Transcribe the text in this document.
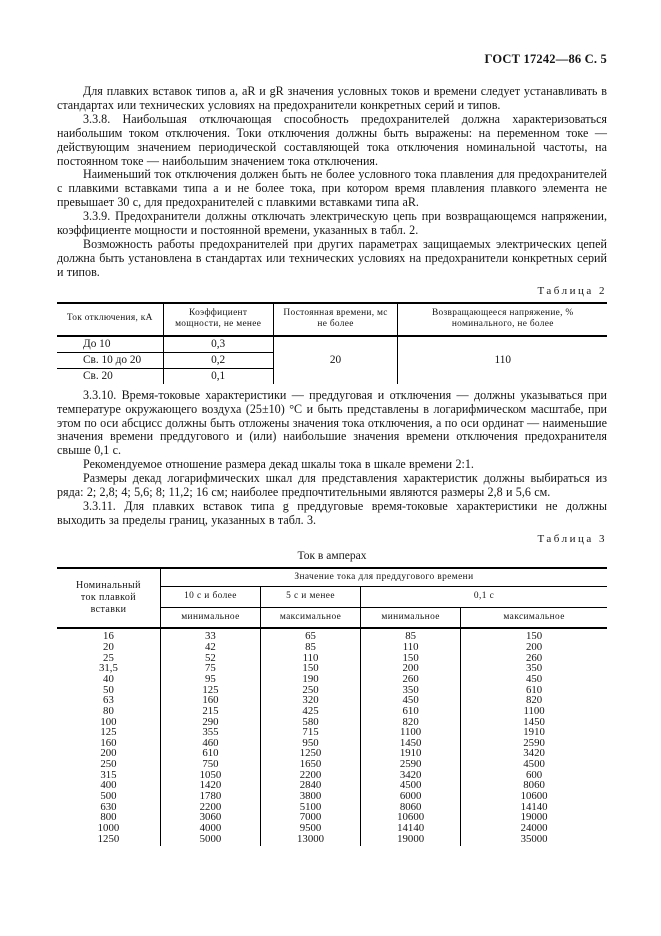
ГОСТ 17242—86 С. 5

Для плавких вставок типов a, aR и gR значения условных токов и времени следует устанавливать в стандартах или технических условиях на предохранители конкретных серий и типов.

3.3.8. Наибольшая отключающая способность предохранителей должна характеризоваться наибольшим током отключения. Токи отключения должны быть выражены: на переменном токе — действующим значением периодической составляющей тока отключения номинальной частоты, на постоянном токе — наибольшим значением тока отключения.

Наименьший ток отключения должен быть не более условного тока плавления для предохранителей с плавкими вставками типа a и не более тока, при котором время плавления плавкого элемента не превышает 30 с, для предохранителей с плавкими вставками типа aR.

3.3.9. Предохранители должны отключать электрическую цепь при возвращающемся напряжении, коэффициенте мощности и постоянной времени, указанных в табл. 2.

Возможность работы предохранителей при других параметрах защищаемых электрических цепей должна быть установлена в стандартах или технических условиях на предохранители конкретных серий и типов.

Таблица 2
Ток отключения, кА	Коэффициент мощности, не менее	Постоянная времени, мс не более	Возвращающееся напряжение, % номинального, не более
До 10	0,3	20	110
Св. 10 до 20	0,2		
Св. 20	0,1		

3.3.10. Время-токовые характеристики — преддуговая и отключения — должны указываться при температуре окружающего воздуха (25±10) °С и быть представлены в логарифмическом масштабе, при этом по оси абсцисс должны быть отложены значения тока отключения, а по оси ординат — наименьшие значения времени преддугового и (или) наибольшие значения времени отключения предохранителя свыше 0,1 с.

Рекомендуемое отношение размера декад шкалы тока в шкале времени 2:1.

Размеры декад логарифмических шкал для представления характеристик должны выбираться из ряда: 2; 2,8; 4; 5,6; 8; 11,2; 16 см; наиболее предпочтительными являются размеры 2,8 и 5,6 см.

3.3.11. Для плавких вставок типа g преддуговые время-токовые характеристики не должны выходить за пределы границ, указанных в табл. 3.

Таблица 3
Ток в амперах
Номинальный ток плавкой вставки	Значение тока для преддугового времени			
	10 с и более	5 с и менее	0,1 с	
	минимальное	максимальное	минимальное	максимальное
16	33	65	85	150
20	42	85	110	200
25	52	110	150	260
31,5	75	150	200	350
40	95	190	260	450
50	125	250	350	610
63	160	320	450	820
80	215	425	610	1100
100	290	580	820	1450
125	355	715	1100	1910
160	460	950	1450	2590
200	610	1250	1910	3420
250	750	1650	2590	4500
315	1050	2200	3420	600
400	1420	2840	4500	8060
500	1780	3800	6000	10600
630	2200	5100	8060	14140
800	3060	7000	10600	19000
1000	4000	9500	14140	24000
1250	5000	13000	19000	35000
